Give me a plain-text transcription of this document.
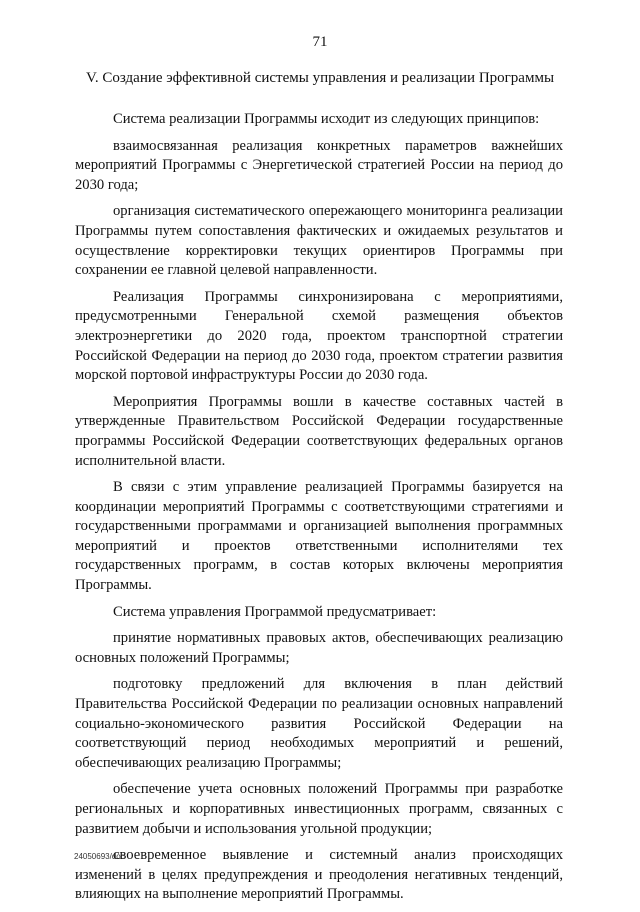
71
V. Создание эффективной системы управления и реализации Программы

Система реализации Программы исходит из следующих принципов:

взаимосвязанная реализация конкретных параметров важнейших мероприятий Программы с Энергетической стратегией России на период до 2030 года;

организация систематического опережающего мониторинга реализации Программы путем сопоставления фактических и ожидаемых результатов и осуществление корректировки текущих ориентиров Программы при сохранении ее главной целевой направленности.

Реализация Программы синхронизирована с мероприятиями, предусмотренными Генеральной схемой размещения объектов электроэнергетики до 2020 года, проектом транспортной стратегии Российской Федерации на период до 2030 года, проектом стратегии развития морской портовой инфраструктуры России до 2030 года.

Мероприятия Программы вошли в качестве составных частей в утвержденные Правительством Российской Федерации государственные программы Российской Федерации соответствующих федеральных органов исполнительной власти.

В связи с этим управление реализацией Программы базируется на координации мероприятий Программы с соответствующими стратегиями и государственными программами и организацией выполнения программных мероприятий и проектов ответственными исполнителями тех государственных программ, в состав которых включены мероприятия Программы.

Система управления Программой предусматривает:

принятие нормативных правовых актов, обеспечивающих реализацию основных положений Программы;

подготовку предложений для включения в план действий Правительства Российской Федерации по реализации основных направлений социально-экономического развития Российской Федерации на соответствующий период необходимых мероприятий и решений, обеспечивающих реализацию Программы;

обеспечение учета основных положений Программы при разработке региональных и корпоративных инвестиционных программ, связанных с развитием добычи и использования угольной продукции;

своевременное выявление и системный анализ происходящих изменений в целях предупреждения и преодоления негативных тенденций, влияющих на выполнение мероприятий Программы.

24050693/doc
